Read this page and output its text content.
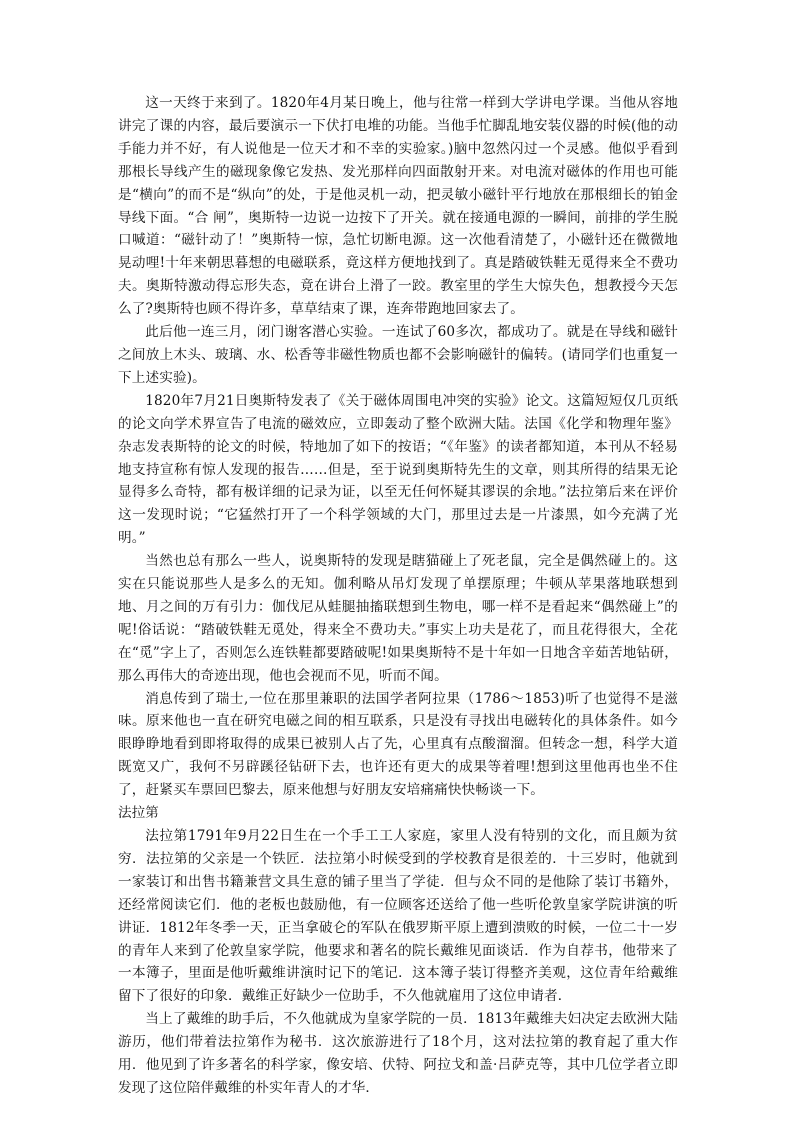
这一天终于来到了。1820年4月某日晚上，他与往常一样到大学讲电学课。当他从容地讲完了课的内容，最后要演示一下伏打电堆的功能。当他手忙脚乱地安装仪器的时候(他的动手能力并不好，有人说他是一位天才和不幸的实验家。)脑中忽然闪过一个灵感。他似乎看到那根长导线产生的磁现象像它发热、发光那样向四面散射开来。对电流对磁体的作用也可能是“横向”的而不是“纵向”的处，于是他灵机一动，把灵敏小磁针平行地放在那根细长的铂金导线下面。“合 闸”，奥斯特一边说一边按下了开关。就在接通电源的一瞬间，前排的学生脱口喊道：“磁针动了！”奥斯特一惊，急忙切断电源。这一次他看清楚了，小磁针还在微微地晃动哩!十年来朝思暮想的电磁联系，竟这样方便地找到了。真是踏破铁鞋无觅得来全不费功夫。奥斯特激动得忘形失态，竟在讲台上滑了一跤。教室里的学生大惊失色，想教授今天怎么了?奥斯特也顾不得许多，草草结束了课，连奔带跑地回家去了。

此后他一连三月，闭门谢客潜心实验。一连试了60多次，都成功了。就是在导线和磁针之间放上木头、玻璃、水、松香等非磁性物质也都不会影响磁针的偏转。(请同学们也重复一下上述实验)。

1820年7月21日奥斯特发表了《关于磁体周围电冲突的实验》论文。这篇短短仅几页纸的论文向学术界宣告了电流的磁效应，立即轰动了整个欧洲大陆。法国《化学和物理年鉴》杂志发表斯特的论文的时候，特地加了如下的按语；“《年鉴》的读者都知道，本刊从不轻易地支持宣称有惊人发现的报告……但是，至于说到奥斯特先生的文章，则其所得的结果无论显得多么奇特，都有极详细的记录为证，以至无任何怀疑其谬误的余地。”法拉第后来在评价这一发现时说；“它猛然打开了一个科学领域的大门，那里过去是一片漆黑，如今充满了光明。”

当然也总有那么一些人，说奥斯特的发现是瞎猫碰上了死老鼠，完全是偶然碰上的。这实在只能说那些人是多么的无知。伽利略从吊灯发现了单摆原理；牛顿从苹果落地联想到地、月之间的万有引力：伽伐尼从蛙腿抽搐联想到生物电，哪一样不是看起来“偶然碰上”的呢!俗话说：“踏破铁鞋无觅处，得来全不费功夫。”事实上功夫是花了，而且花得很大，全花在“觅”字上了，否则怎么连铁鞋都要踏破呢!如果奥斯特不是十年如一日地含辛茹苦地钻研，那么再伟大的奇迹出现，他也会视而不见，听而不闻。

消息传到了瑞士,一位在那里兼职的法国学者阿拉果（1786～1853)听了也觉得不是滋味。原来他也一直在研究电磁之间的相互联系，只是没有寻找出电磁转化的具体条件。如今眼睁睁地看到即将取得的成果已被别人占了先，心里真有点酸溜溜。但转念一想，科学大道既宽又广，我何不另辟蹊径钻研下去，也许还有更大的成果等着哩!想到这里他再也坐不住了，赶紧买车票回巴黎去，原来他想与好朋友安培痛痛快快畅谈一下。

法拉第

法拉第1791年9月22日生在一个手工工人家庭，家里人没有特别的文化，而且颇为贫穷．法拉第的父亲是一个铁匠．法拉第小时候受到的学校教育是很差的．十三岁时，他就到一家装订和出售书籍兼营文具生意的铺子里当了学徒．但与众不同的是他除了装订书籍外，还经常阅读它们．他的老板也鼓励他，有一位顾客还送给了他一些听伦敦皇家学院讲演的听讲证．1812年冬季一天，正当拿破仑的军队在俄罗斯平原上遭到溃败的时候，一位二十一岁的青年人来到了伦敦皇家学院，他要求和著名的院长戴维见面谈话．作为自荐书，他带来了一本簿子，里面是他听戴维讲演时记下的笔记．这本簿子装订得整齐美观，这位青年给戴维留下了很好的印象．戴维正好缺少一位助手，不久他就雇用了这位申请者．

当上了戴维的助手后，不久他就成为皇家学院的一员．1813年戴维夫妇决定去欧洲大陆游历，他们带着法拉第作为秘书．这次旅游进行了18个月，这对法拉第的教育起了重大作用．他见到了许多著名的科学家，像安培、伏特、阿拉戈和盖·吕萨克等，其中几位学者立即发现了这位陪伴戴维的朴实年青人的才华．
